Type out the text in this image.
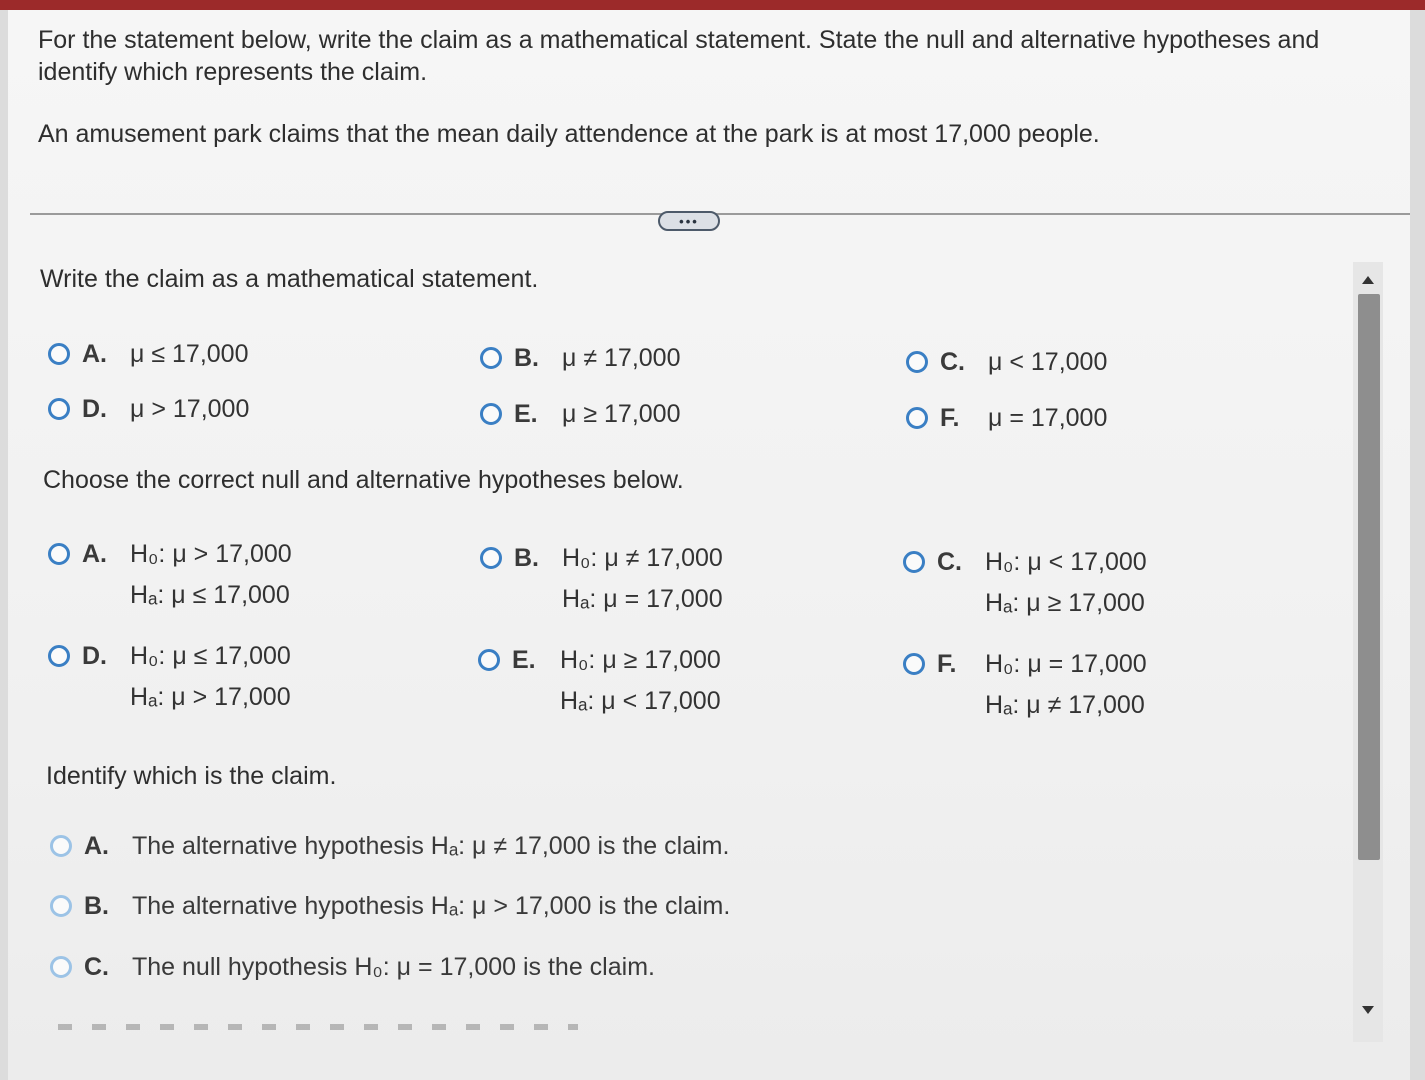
For the statement below, write the claim as a mathematical statement. State the null and alternative hypotheses and
identify which represents the claim.
An amusement park claims that the mean daily attendence at the park is at most 17,000 people.
•••
Write the claim as a mathematical statement.
A. μ ≤ 17,000	B. μ ≠ 17,000	C. μ < 17,000
D. μ > 17,000	E. μ ≥ 17,000	F.	μ = 17,000
Choose the correct null and alternative hypotheses below.
A. H₀: μ > 17,000
Hₐ: μ ≤ 17,000
B. H₀: μ ≠ 17,000
Hₐ: μ = 17,000
C. H₀: μ < 17,000
Hₐ: μ ≥ 17,000
D. H₀: μ ≤ 17,000
Hₐ: μ > 17,000
E. H₀: μ ≥ 17,000
Hₐ: μ < 17,000
F.	H₀: μ = 17,000
Hₐ: μ ≠ 17,000
Identify which is the claim.
A. The alternative hypothesis Hₐ: μ ≠ 17,000 is the claim.
B. The alternative hypothesis Hₐ: μ > 17,000 is the claim.
C. The null hypothesis H₀: μ = 17,000 is the claim.
